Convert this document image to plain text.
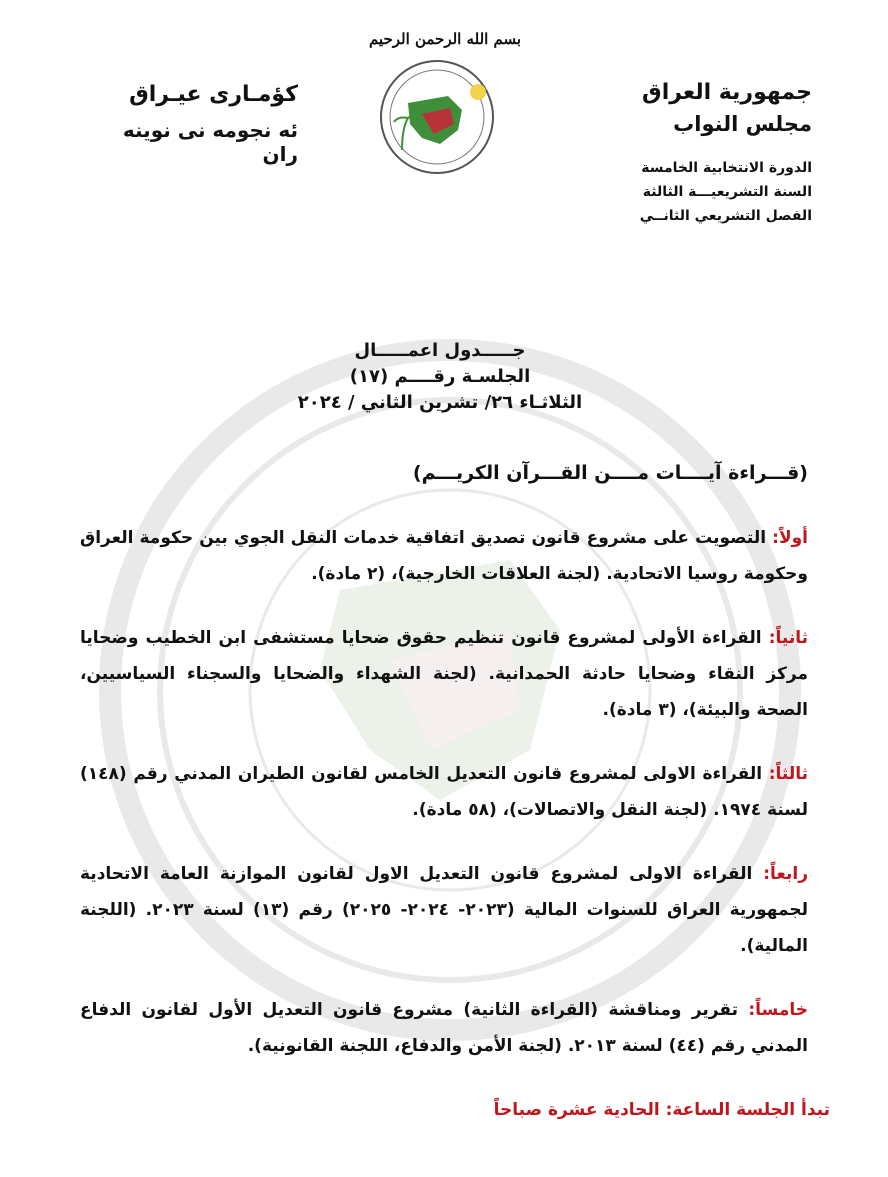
بسم الله الرحمن الرحيم
جمهورية العراق
مجلس النواب
الدورة الانتخابية الخامسة
السنة التشريعيـــة الثالثة
الفصل التشريعي الثانــي
كؤمـارى عيـراق
ئه نجومه نى نوينه ران
جـــــدول اعمـــــال
الجلسـة رقــــم (١٧)
الثلاثـاء ٢٦/ تشرين الثاني / ٢٠٢٤
(قـــراءة آيــــات مــــن القـــرآن الكريـــم)
أولاً: التصويت على مشروع قانون تصديق اتفاقية خدمات النقل الجوي بين حكومة العراق وحكومة روسيا الاتحادية. (لجنة العلاقات الخارجية)، (٢ مادة).
ثانياً: القراءة الأولى لمشروع قانون تنظيم حقوق ضحايا مستشفى ابن الخطيب وضحايا مركز النقاء وضحايا حادثة الحمدانية. (لجنة الشهداء والضحايا والسجناء السياسيين، الصحة والبيئة)، (٣ مادة).
ثالثاً: القراءة الاولى لمشروع قانون التعديل الخامس لقانون الطيران المدني رقم (١٤٨) لسنة ١٩٧٤. (لجنة النقل والاتصالات)، (٥٨ مادة).
رابعاً: القراءة الاولى لمشروع قانون التعديل الاول لقانون الموازنة العامة الاتحادية لجمهورية العراق للسنوات المالية (٢٠٢٣- ٢٠٢٤- ٢٠٢٥) رقم (١٣) لسنة ٢٠٢٣. (اللجنة المالية).
خامساً: تقرير ومناقشة (القراءة الثانية) مشروع قانون التعديل الأول لقانون الدفاع المدني رقم (٤٤) لسنة ٢٠١٣. (لجنة الأمن والدفاع، اللجنة القانونية).
تبدأ الجلسة الساعة: الحادية عشرة صباحاً
